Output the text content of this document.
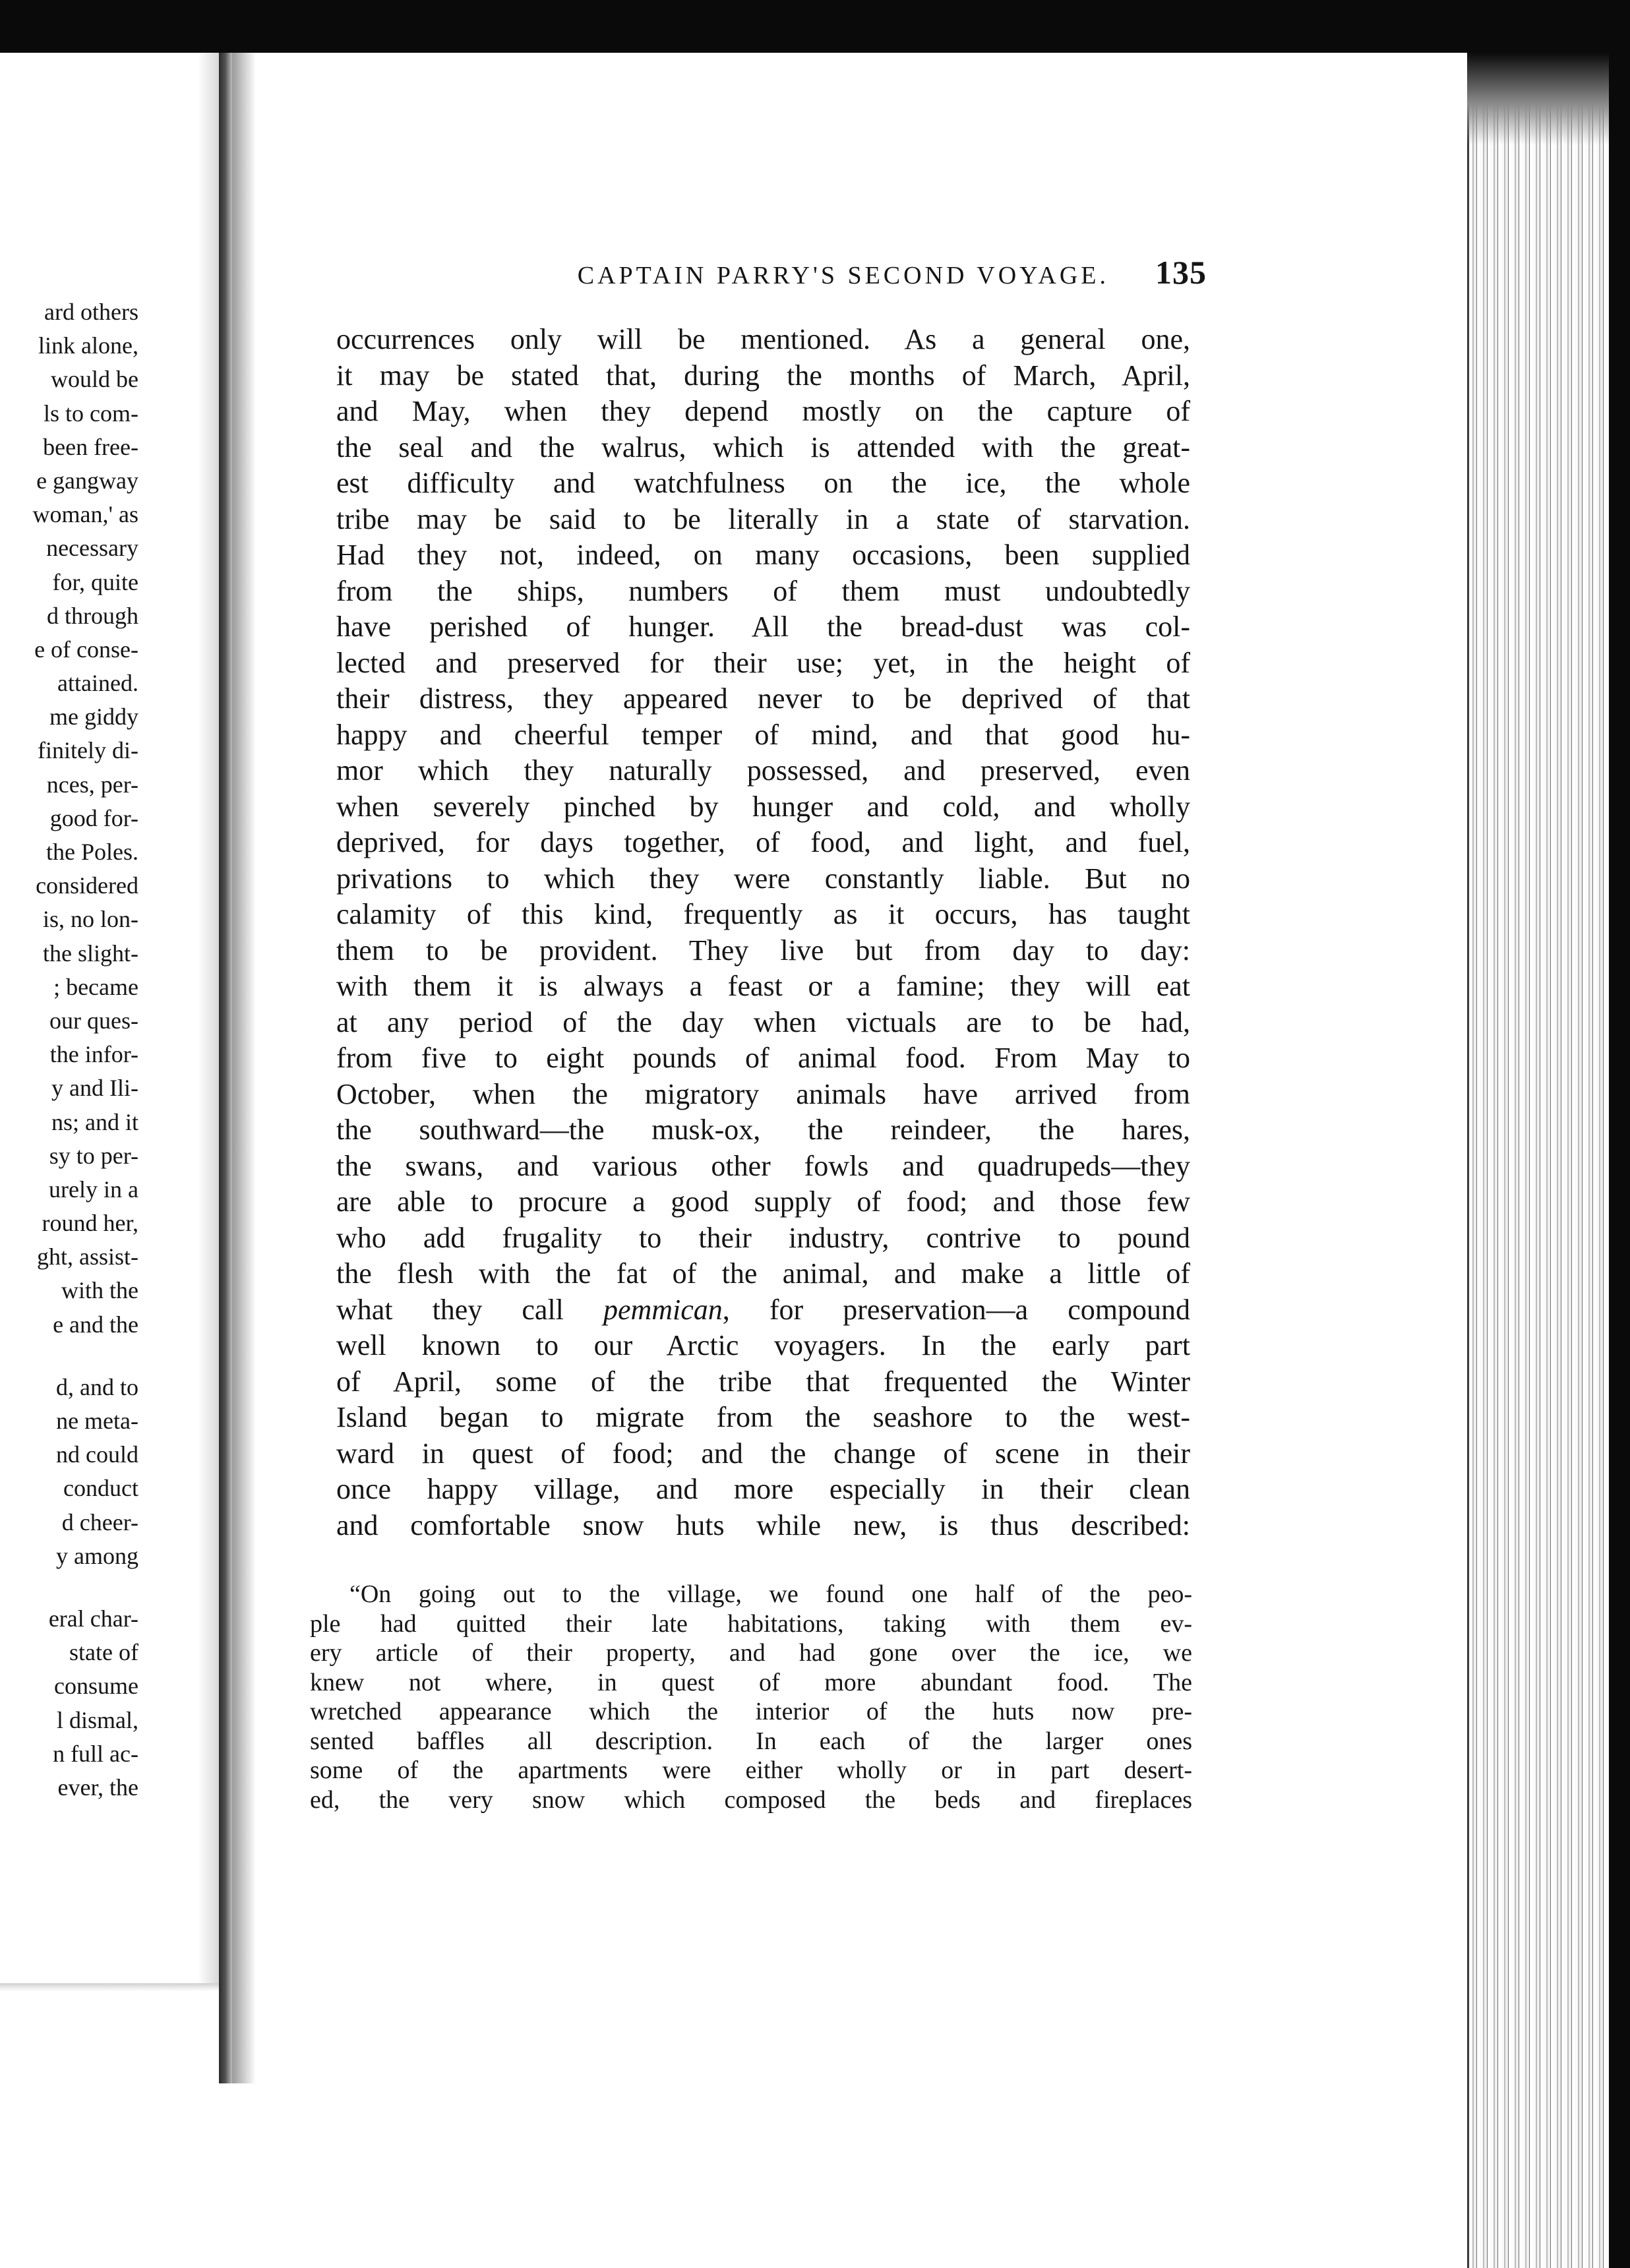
ard others
link alone,
would be
ls to com-
been free-
e gangway
woman,' as
necessary
for, quite
d through
e of conse-
attained.
me giddy
finitely di-
nces, per-
good for-
the Poles.
considered
is, no lon-
the slight-
; became
our ques-
the infor-
y and Ili-
ns; and it
sy to per-
urely in a
round her,
ght, assist-
with the
e and the
d, and to
ne meta-
nd could
conduct
d cheer-
y among
eral char-
state of
consume
l dismal,
n full ac-
ever, the
CAPTAIN PARRY'S SECOND VOYAGE. 135
occurrences only will be mentioned. As a general one,
it may be stated that, during the months of March, April,
and May, when they depend mostly on the capture of
the seal and the walrus, which is attended with the great-
est difficulty and watchfulness on the ice, the whole
tribe may be said to be literally in a state of starvation.
Had they not, indeed, on many occasions, been supplied
from the ships, numbers of them must undoubtedly
have perished of hunger. All the bread-dust was col-
lected and preserved for their use; yet, in the height of
their distress, they appeared never to be deprived of that
happy and cheerful temper of mind, and that good hu-
mor which they naturally possessed, and preserved, even
when severely pinched by hunger and cold, and wholly
deprived, for days together, of food, and light, and fuel,
privations to which they were constantly liable. But no
calamity of this kind, frequently as it occurs, has taught
them to be provident. They live but from day to day:
with them it is always a feast or a famine; they will eat
at any period of the day when victuals are to be had,
from five to eight pounds of animal food. From May to
October, when the migratory animals have arrived from
the southward—the musk-ox, the reindeer, the hares,
the swans, and various other fowls and quadrupeds—they
are able to procure a good supply of food; and those few
who add frugality to their industry, contrive to pound
the flesh with the fat of the animal, and make a little of
what they call pemmican, for preservation—a compound
well known to our Arctic voyagers. In the early part
of April, some of the tribe that frequented the Winter
Island began to migrate from the seashore to the west-
ward in quest of food; and the change of scene in their
once happy village, and more especially in their clean
and comfortable snow huts while new, is thus described:
“On going out to the village, we found one half of the peo-
ple had quitted their late habitations, taking with them ev-
ery article of their property, and had gone over the ice, we
knew not where, in quest of more abundant food. The
wretched appearance which the interior of the huts now pre-
sented baffles all description. In each of the larger ones
some of the apartments were either wholly or in part desert-
ed, the very snow which composed the beds and fireplaces
